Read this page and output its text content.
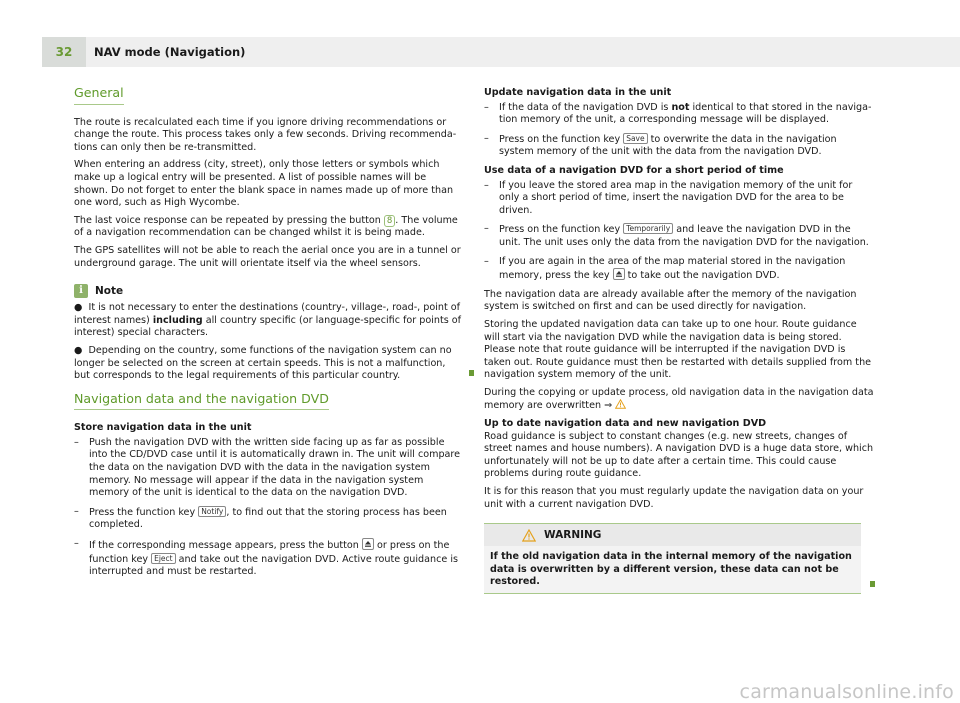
32	NAV mode (Navigation)
General

The route is recalculated each time if you ignore driving recommendations or change the route. This process takes only a few seconds. Driving recommendations can only then be re-transmitted.

When entering an address (city, street), only those letters or symbols which make up a logical entry will be presented. A list of possible names will be shown. Do not forget to enter the blank space in names made up of more than one word, such as High Wycombe.

The last voice response can be repeated by pressing the button 8 . The volume of a navigation recommendation can be changed whilst it is being made.

The GPS satellites will not be able to reach the aerial once you are in a tunnel or underground garage. The unit will orientate itself via the wheel sensors.

i	Note

●  It is not necessary to enter the destinations (country-, village-, road-, point of interest names) including all country specific (or language-specific for points of interest) special characters.

●  Depending on the country, some functions of the navigation system can no longer be selected on the screen at certain speeds. This is not a malfunction, but corresponds to the legal requirements of this particular country.

Navigation data and the navigation DVD

Store navigation data in the unit

– Push the navigation DVD with the written side facing up as far as possible into the CD/DVD case until it is automatically drawn in. The unit will compare the data on the navigation DVD with the data in the navigation system memory. No message will appear if the data in the navigation system memory of the unit is identical to the data on the navigation DVD.
– Press the function key Notify , to find out that the storing process has been completed.
– If the corresponding message appears, press the button  or press on the function key Eject and take out the navigation DVD. Active route guidance is interrupted and must be restarted.

Update navigation data in the unit

– If the data of the navigation DVD is not identical to that stored in the navigation memory of the unit, a corresponding message will be displayed.
– Press on the function key Save to overwrite the data in the navigation system memory of the unit with the data from the navigation DVD.

Use data of a navigation DVD for a short period of time

– If you leave the stored area map in the navigation memory of the unit for only a short period of time, insert the navigation DVD for the area to be driven.
– Press on the function key Temporarily and leave the navigation DVD in the unit. The unit uses only the data from the navigation DVD for the navigation.
– If you are again in the area of the map material stored in the navigation memory, press the key  to take out the navigation DVD.

The navigation data are already available after the memory of the navigation system is switched on first and can be used directly for navigation.

Storing the updated navigation data can take up to one hour. Route guidance will start via the navigation DVD while the navigation data is being stored. Please note that route guidance will be interrupted if the navigation DVD is taken out. Route guidance must then be restarted with details supplied from the navigation system memory of the unit.

During the copying or update process, old navigation data in the navigation data memory are overwritten ⇒

Up to date navigation data and new navigation DVD

Road guidance is subject to constant changes (e.g. new streets, changes of street names and house numbers). A navigation DVD is a huge data store, which unfortunately will not be up to date after a certain time. This could cause problems during route guidance.

It is for this reason that you must regularly update the navigation data on your unit with a current navigation DVD.

WARNING
If the old navigation data in the internal memory of the navigation data is overwritten by a different version, these data can not be restored.
carmanualsonline.info
